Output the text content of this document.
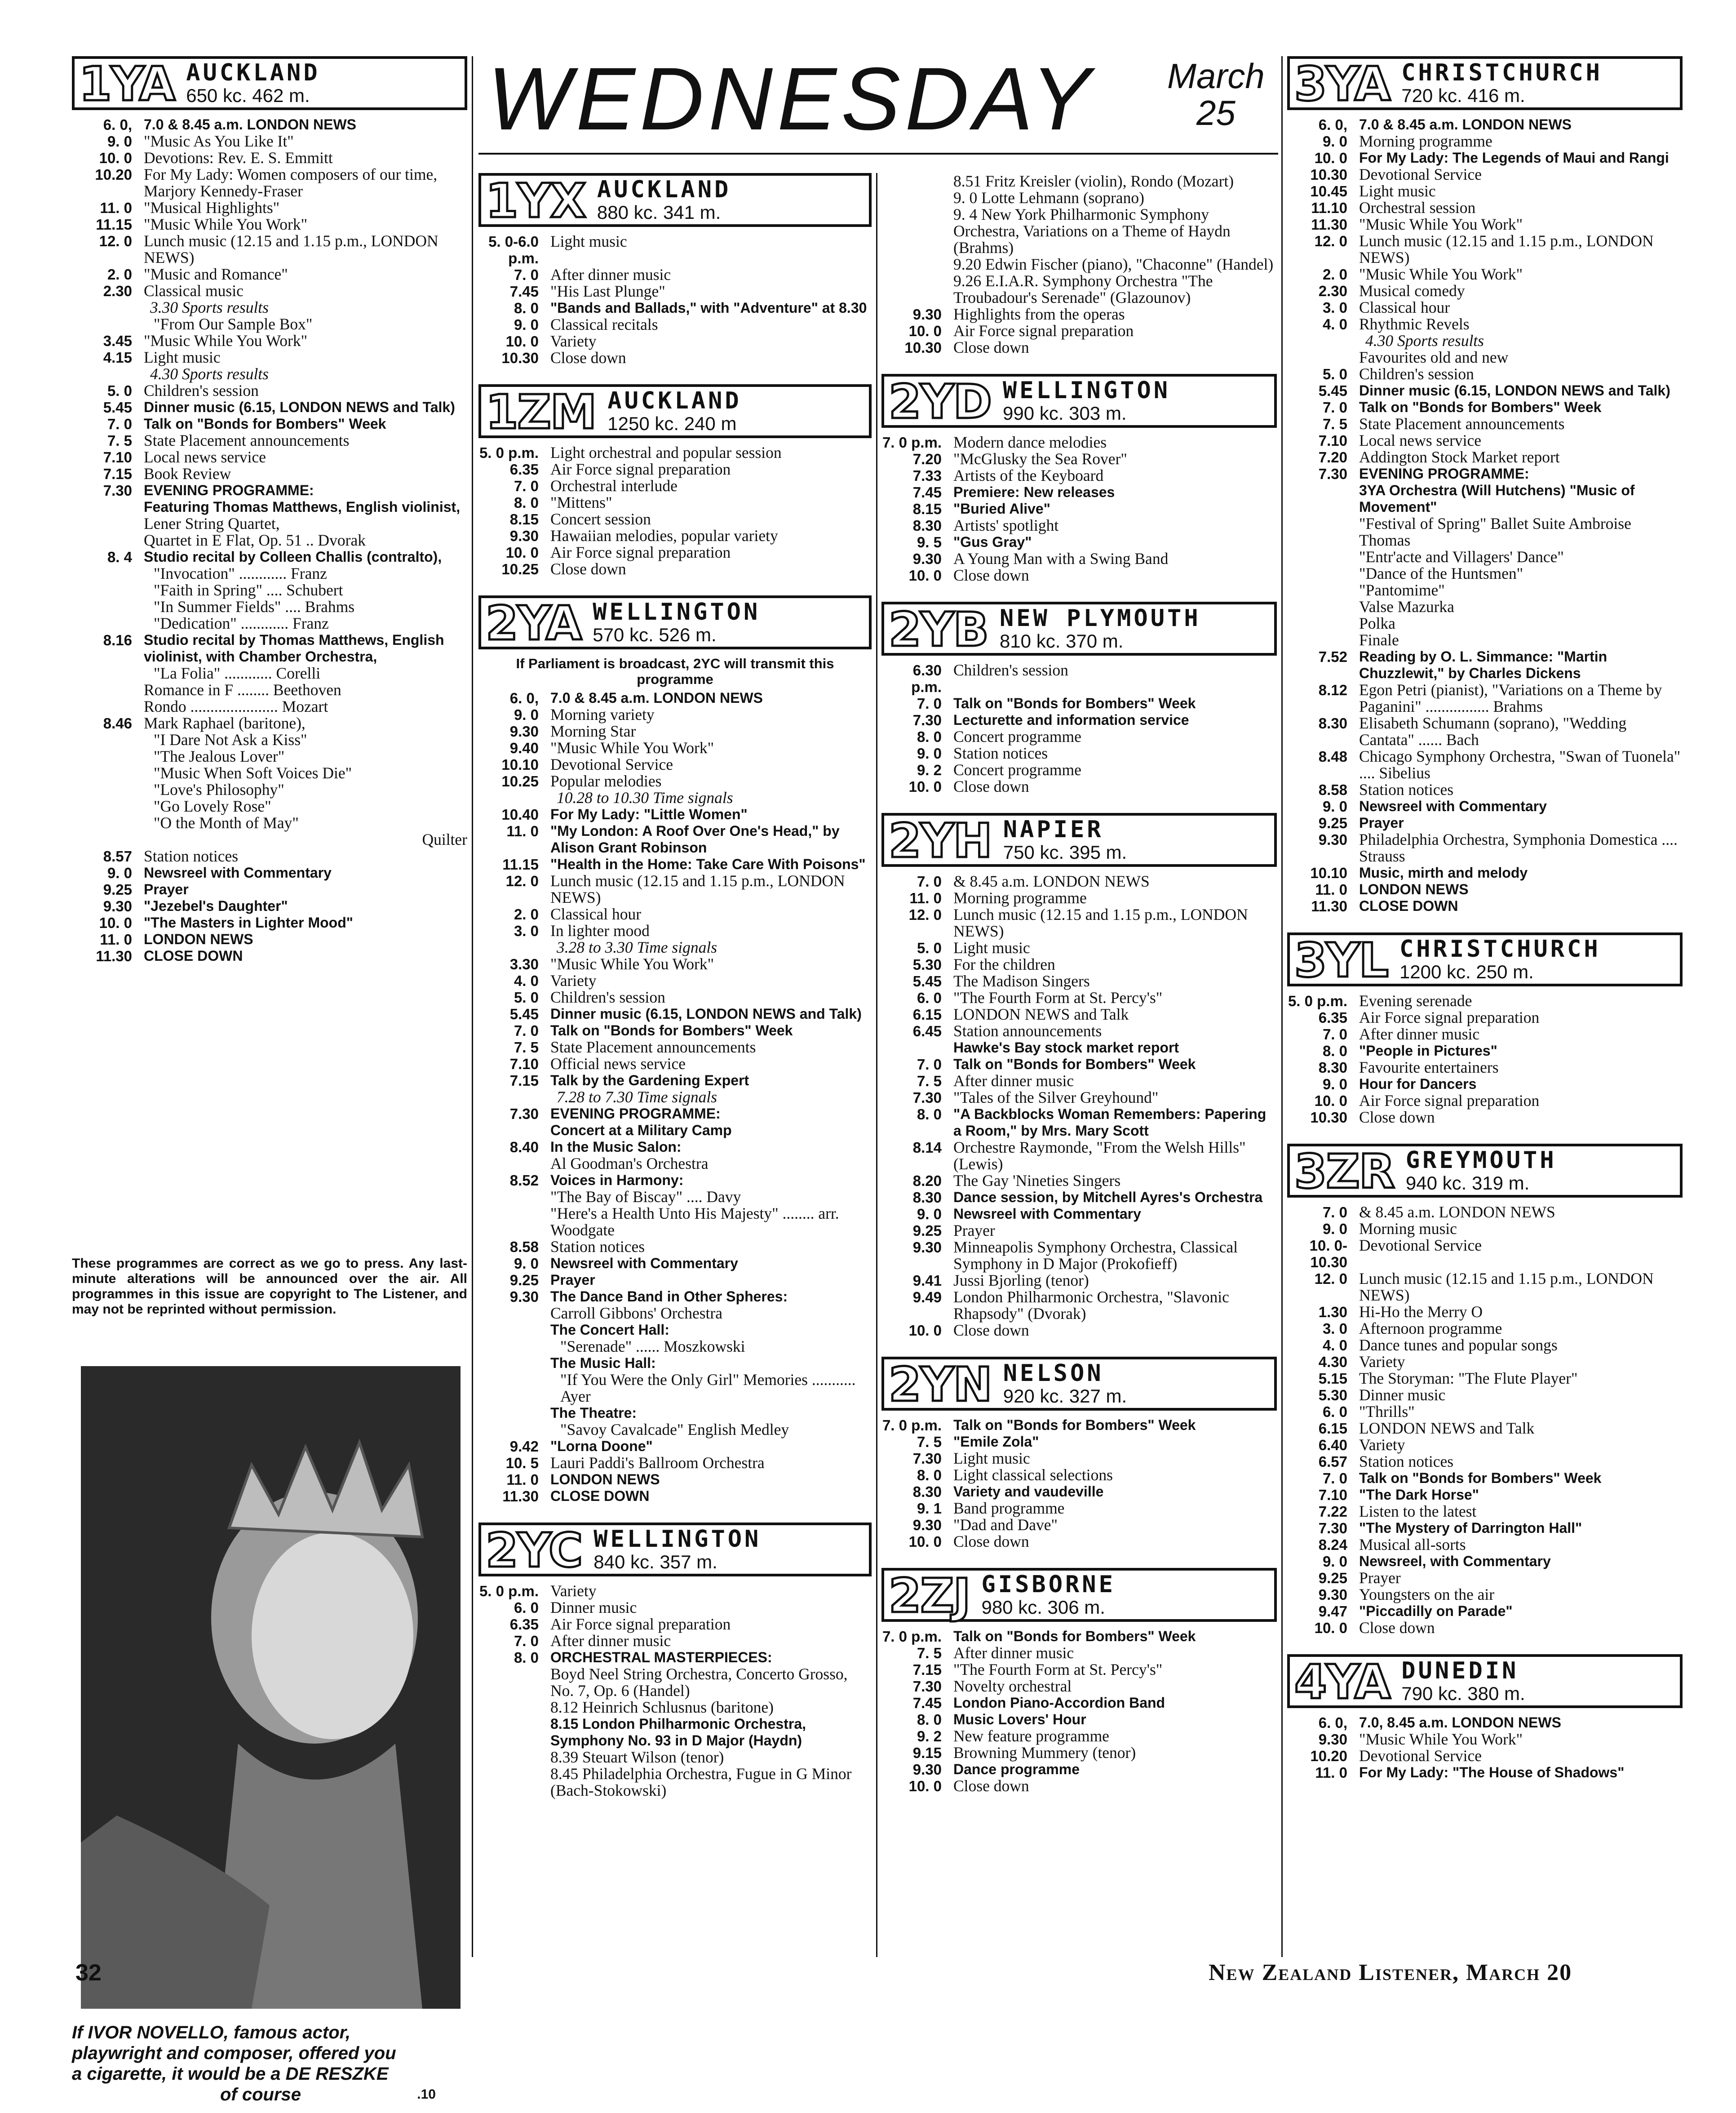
WEDNESDAY March
25
1YA AUCKLAND
650 kc. 462 m.
6. 0, 7.0 & 8.45 a.m. LONDON NEWS
9. 0 "Music As You Like It"
10. 0 Devotions: Rev. E. S. Emmitt
10.20 For My Lady: Women composers of our time, Marjory Kennedy-Fraser
11. 0 "Musical Highlights"
11.15 "Music While You Work"
12. 0 Lunch music (12.15 and 1.15 p.m., LONDON NEWS)
2. 0 "Music and Romance"
2.30 Classical music
3.30 Sports results
"From Our Sample Box"
3.45 "Music While You Work"
4.15 Light music
4.30 Sports results
5. 0 Children's session
5.45 Dinner music (6.15, LONDON NEWS and Talk)
7. 0 Talk on "Bonds for Bombers" Week
7. 5 State Placement announcements
7.10 Local news service
7.15 Book Review
7.30 EVENING PROGRAMME:
Featuring Thomas Matthews, English violinist,
Lener String Quartet,
Quartet in E Flat, Op. 51 .. Dvorak
8. 4 Studio recital by Colleen Challis (contralto),
"Invocation" ............ Franz
"Faith in Spring" .... Schubert
"In Summer Fields" .... Brahms
"Dedication" ............ Franz
8.16 Studio recital by Thomas Matthews, English violinist, with Chamber Orchestra,
"La Folia" ............ Corelli
Romance in F ........ Beethoven
Rondo ...................... Mozart
8.46 Mark Raphael (baritone),
"I Dare Not Ask a Kiss"
"The Jealous Lover"
"Music When Soft Voices Die"
"Love's Philosophy"
"Go Lovely Rose"
"O the Month of May"
Quilter
8.57 Station notices
9. 0 Newsreel with Commentary
9.25 Prayer
9.30 "Jezebel's Daughter"
10. 0 "The Masters in Lighter Mood"
11. 0 LONDON NEWS
11.30 CLOSE DOWN
These programmes are correct as we go to press. Any last-minute alterations will be announced over the air. All programmes in this issue are copyright to The Listener, and may not be reprinted without permission.
If IVOR NOVELLO, famous actor,
playwright and composer, offered you
a cigarette, it would be a DE RESZKE
of course	.10
1YX AUCKLAND
880 kc. 341 m.
5. 0-6.0 p.m.
Light music
7. 0 After dinner music
7.45 "His Last Plunge"
8. 0 "Bands and Ballads," with "Adventure" at 8.30
9. 0 Classical recitals
10. 0 Variety
10.30 Close down
1ZM AUCKLAND
1250 kc. 240 m
5. 0 p.m. Light orchestral and popular session
6.35 Air Force signal preparation
7. 0 Orchestral interlude
8. 0 "Mittens"
8.15 Concert session
9.30 Hawaiian melodies, popular variety
10. 0 Air Force signal preparation
10.25 Close down
2YA WELLINGTON
570 kc. 526 m.
If Parliament is broadcast, 2YC will transmit this programme
6. 0, 7.0 & 8.45 a.m. LONDON NEWS
9. 0 Morning variety
9.30 Morning Star
9.40 "Music While You Work"
10.10 Devotional Service
10.25 Popular melodies
10.28 to 10.30 Time signals
10.40 For My Lady: "Little Women"
11. 0 "My London: A Roof Over One's Head," by Alison Grant Robinson
11.15 "Health in the Home: Take Care With Poisons"
12. 0 Lunch music (12.15 and 1.15 p.m., LONDON NEWS)
2. 0 Classical hour
3. 0 In lighter mood
3.28 to 3.30 Time signals
3.30 "Music While You Work"
4. 0 Variety
5. 0 Children's session
5.45 Dinner music (6.15, LONDON NEWS and Talk)
7. 0 Talk on "Bonds for Bombers" Week
7. 5 State Placement announcements
7.10 Official news service
7.15 Talk by the Gardening Expert
7.28 to 7.30 Time signals
7.30 EVENING PROGRAMME:
Concert at a Military Camp
8.40 In the Music Salon:
Al Goodman's Orchestra
8.52 Voices in Harmony:
"The Bay of Biscay" .... Davy
"Here's a Health Unto His Majesty" ........ arr. Woodgate
8.58 Station notices
9. 0 Newsreel with Commentary
9.25 Prayer
9.30 The Dance Band in Other Spheres:
Carroll Gibbons' Orchestra
The Concert Hall:
"Serenade" ...... Moszkowski
The Music Hall:
"If You Were the Only Girl" Memories ........... Ayer
The Theatre:
"Savoy Cavalcade" English Medley
9.42 "Lorna Doone"
10. 5 Lauri Paddi's Ballroom Orchestra
11. 0 LONDON NEWS
11.30 CLOSE DOWN
2YC WELLINGTON
840 kc. 357 m.
5. 0 p.m. Variety
6. 0 Dinner music
6.35 Air Force signal preparation
7. 0 After dinner music
8. 0 ORCHESTRAL MASTERPIECES:
Boyd Neel String Orchestra, Concerto Grosso, No. 7, Op. 6 (Handel)
8.12 Heinrich Schlusnus (baritone)
8.15 London Philharmonic Orchestra, Symphony No. 93 in D Major (Haydn)
8.39 Steuart Wilson (tenor)
8.45 Philadelphia Orchestra, Fugue in G Minor (Bach-Stokowski)
8.51 Fritz Kreisler (violin), Rondo (Mozart)
9. 0 Lotte Lehmann (soprano)
9. 4 New York Philharmonic Symphony Orchestra, Variations on a Theme of Haydn (Brahms)
9.20 Edwin Fischer (piano), "Chaconne" (Handel)
9.26 E.I.A.R. Symphony Orchestra "The Troubadour's Serenade" (Glazounov)
9.30 Highlights from the operas
10. 0 Air Force signal preparation
10.30 Close down
2YD WELLINGTON
990 kc. 303 m.
7. 0 p.m. Modern dance melodies
7.20 "McGlusky the Sea Rover"
7.33 Artists of the Keyboard
7.45 Premiere: New releases
8.15 "Buried Alive"
8.30 Artists' spotlight
9. 5 "Gus Gray"
9.30 A Young Man with a Swing Band
10. 0 Close down
2YB NEW PLYMOUTH
810 kc. 370 m.
6.30 p.m.
Children's session
7. 0 Talk on "Bonds for Bombers" Week
7.30 Lecturette and information service
8. 0 Concert programme
9. 0 Station notices
9. 2 Concert programme
10. 0 Close down
2YH NAPIER
750 kc. 395 m.
7. 0 & 8.45 a.m. LONDON NEWS
11. 0 Morning programme
12. 0 Lunch music (12.15 and 1.15 p.m., LONDON NEWS)
5. 0 Light music
5.30 For the children
5.45 The Madison Singers
6. 0 "The Fourth Form at St. Percy's"
6.15 LONDON NEWS and Talk
6.45 Station announcements
Hawke's Bay stock market report
7. 0 Talk on "Bonds for Bombers" Week
7. 5 After dinner music
7.30 "Tales of the Silver Greyhound"
8. 0 "A Backblocks Woman Remembers: Papering a Room," by Mrs. Mary Scott
8.14 Orchestre Raymonde, "From the Welsh Hills" (Lewis)
8.20 The Gay 'Nineties Singers
8.30 Dance session, by Mitchell Ayres's Orchestra
9. 0 Newsreel with Commentary
9.25 Prayer
9.30 Minneapolis Symphony Orchestra, Classical Symphony in D Major (Prokofieff)
9.41 Jussi Bjorling (tenor)
9.49 London Philharmonic Orchestra, "Slavonic Rhapsody" (Dvorak)
10. 0 Close down
2YN NELSON
920 kc. 327 m.
7. 0 p.m. Talk on "Bonds for Bombers" Week
7. 5 "Emile Zola"
7.30 Light music
8. 0 Light classical selections
8.30 Variety and vaudeville
9. 1 Band programme
9.30 "Dad and Dave"
10. 0 Close down
2ZJ GISBORNE
980 kc. 306 m.
7. 0 p.m. Talk on "Bonds for Bombers" Week
7. 5 After dinner music
7.15 "The Fourth Form at St. Percy's"
7.30 Novelty orchestral
7.45 London Piano-Accordion Band
8. 0 Music Lovers' Hour
9. 2 New feature programme
9.15 Browning Mummery (tenor)
9.30 Dance programme
10. 0 Close down
3YA CHRISTCHURCH
720 kc. 416 m.
6. 0, 7.0 & 8.45 a.m. LONDON NEWS
9. 0 Morning programme
10. 0 For My Lady: The Legends of Maui and Rangi
10.30 Devotional Service
10.45 Light music
11.10 Orchestral session
11.30 "Music While You Work"
12. 0 Lunch music (12.15 and 1.15 p.m., LONDON NEWS)
2. 0 "Music While You Work"
2.30 Musical comedy
3. 0 Classical hour
4. 0 Rhythmic Revels
4.30 Sports results
Favourites old and new
5. 0 Children's session
5.45 Dinner music (6.15, LONDON NEWS and Talk)
7. 0 Talk on "Bonds for Bombers" Week
7. 5 State Placement announcements
7.10 Local news service
7.20 Addington Stock Market report
7.30 EVENING PROGRAMME:
3YA Orchestra (Will Hutchens) "Music of Movement"
"Festival of Spring" Ballet Suite Ambroise Thomas
"Entr'acte and Villagers' Dance"
"Dance of the Huntsmen"
"Pantomime"
Valse Mazurka
Polka
Finale
7.52 Reading by O. L. Simmance: "Martin Chuzzlewit," by Charles Dickens
8.12 Egon Petri (pianist), "Variations on a Theme by Paganini" ................ Brahms
8.30 Elisabeth Schumann (soprano), "Wedding Cantata" ...... Bach
8.48 Chicago Symphony Orchestra, "Swan of Tuonela" .... Sibelius
8.58 Station notices
9. 0 Newsreel with Commentary
9.25 Prayer
9.30 Philadelphia Orchestra, Symphonia Domestica .... Strauss
10.10 Music, mirth and melody
11. 0 LONDON NEWS
11.30 CLOSE DOWN
3YL CHRISTCHURCH
1200 kc. 250 m.
5. 0 p.m. Evening serenade
6.35 Air Force signal preparation
7. 0 After dinner music
8. 0 "People in Pictures"
8.30 Favourite entertainers
9. 0 Hour for Dancers
10. 0 Air Force signal preparation
10.30 Close down
3ZR GREYMOUTH
940 kc. 319 m.
7. 0 & 8.45 a.m. LONDON NEWS
9. 0 Morning music
10. 0-10.30
Devotional Service
12. 0 Lunch music (12.15 and 1.15 p.m., LONDON NEWS)
1.30 Hi-Ho the Merry O
3. 0 Afternoon programme
4. 0 Dance tunes and popular songs
4.30 Variety
5.15 The Storyman: "The Flute Player"
5.30 Dinner music
6. 0 "Thrills"
6.15 LONDON NEWS and Talk
6.40 Variety
6.57 Station notices
7. 0 Talk on "Bonds for Bombers" Week
7.10 "The Dark Horse"
7.22 Listen to the latest
7.30 "The Mystery of Darrington Hall"
8.24 Musical all-sorts
9. 0 Newsreel, with Commentary
9.25 Prayer
9.30 Youngsters on the air
9.47 "Piccadilly on Parade"
10. 0 Close down
4YA DUNEDIN
790 kc. 380 m.
6. 0, 7.0, 8.45 a.m. LONDON NEWS
9.30 "Music While You Work"
10.20 Devotional Service
11. 0 For My Lady: "The House of Shadows"
32	New Zealand Listener, March 20
